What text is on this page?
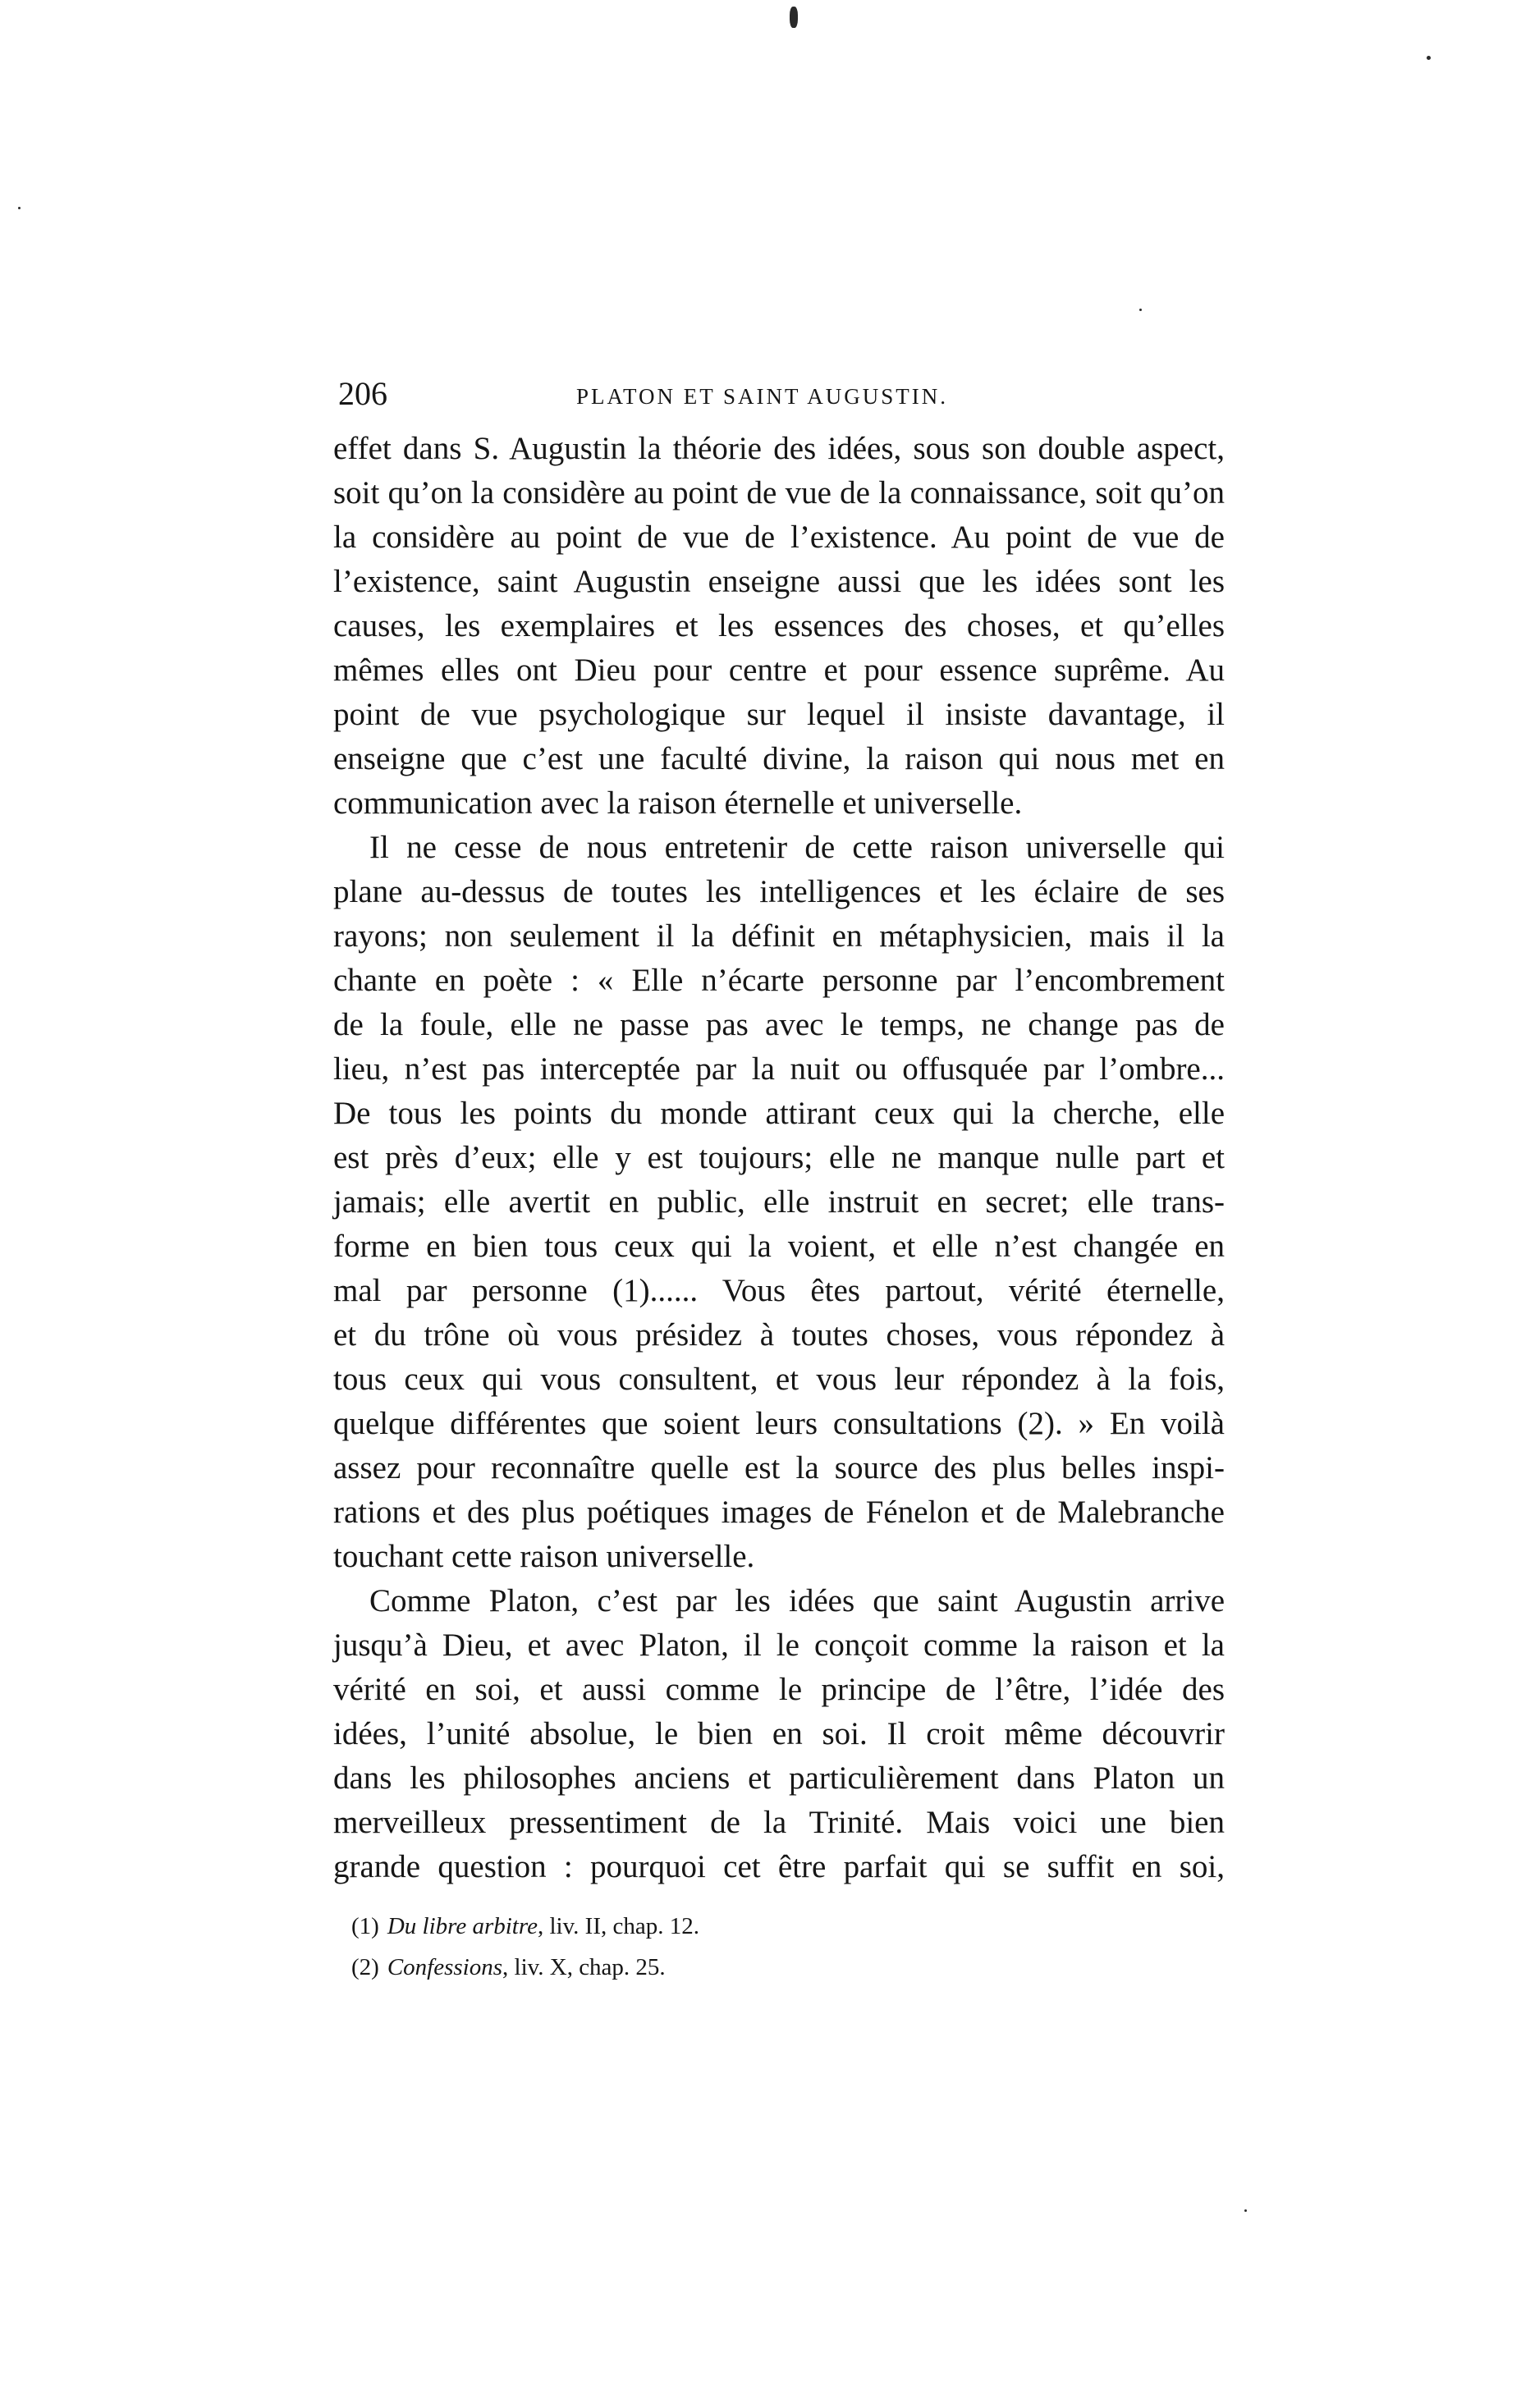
206	PLATON ET SAINT AUGUSTIN.
effet dans S. Augustin la théorie des idées, sous son double aspect,
soit qu’on la considère au point de vue de la connaissance, soit qu’on
la considère au point de vue de l’existence. Au point de vue de
l’existence, saint Augustin enseigne aussi que les idées sont les
causes, les exemplaires et les essences des choses, et qu’elles
mêmes elles ont Dieu pour centre et pour essence suprême. Au
point de vue psychologique sur lequel il insiste davantage, il
enseigne que c’est une faculté divine, la raison qui nous met en
communication avec la raison éternelle et universelle.
Il ne cesse de nous entretenir de cette raison universelle qui
plane au-dessus de toutes les intelligences et les éclaire de ses
rayons; non seulement il la définit en métaphysicien, mais il la
chante en poète : « Elle n’écarte personne par l’encombrement
de la foule, elle ne passe pas avec le temps, ne change pas de
lieu, n’est pas interceptée par la nuit ou offusquée par l’ombre...
De tous les points du monde attirant ceux qui la cherche, elle
est près d’eux; elle y est toujours; elle ne manque nulle part et
jamais; elle avertit en public, elle instruit en secret; elle trans-
forme en bien tous ceux qui la voient, et elle n’est changée en
mal par personne (1)...... Vous êtes partout, vérité éternelle,
et du trône où vous présidez à toutes choses, vous répondez à
tous ceux qui vous consultent, et vous leur répondez à la fois,
quelque différentes que soient leurs consultations (2). » En voilà
assez pour reconnaître quelle est la source des plus belles inspi-
rations et des plus poétiques images de Fénelon et de Malebranche
touchant cette raison universelle.
Comme Platon, c’est par les idées que saint Augustin arrive
jusqu’à Dieu, et avec Platon, il le conçoit comme la raison et la
vérité en soi, et aussi comme le principe de l’être, l’idée des
idées, l’unité absolue, le bien en soi. Il croit même découvrir
dans les philosophes anciens et particulièrement dans Platon un
merveilleux pressentiment de la Trinité. Mais voici une bien
grande question : pourquoi cet être parfait qui se suffit en soi,
(1) Du libre arbitre, liv. II, chap. 12.
(2) Confessions, liv. X, chap. 25.
